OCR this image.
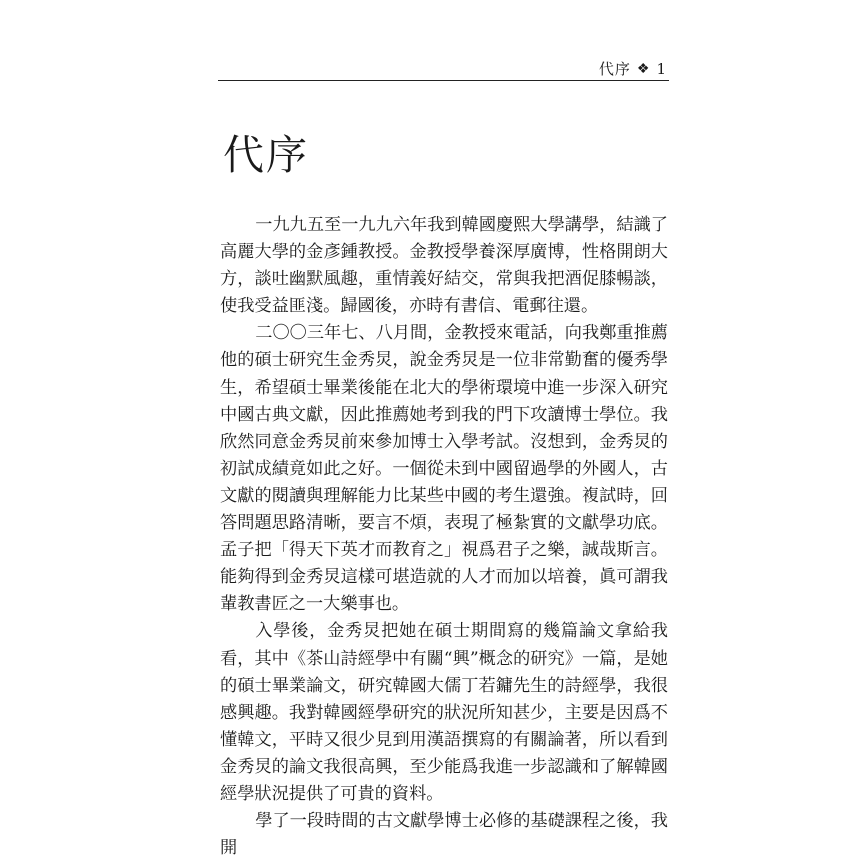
代序 ❖ 1
代序

一九九五至一九九六年我到韓國慶熙大學講學，結識了高麗大學的金彥鍾教授。金教授學養深厚廣博，性格開朗大方，談吐幽默風趣，重情義好結交，常與我把酒促膝暢談，使我受益匪淺。歸國後，亦時有書信、電郵往還。

二〇〇三年七、八月間，金教授來電話，向我鄭重推薦他的碩士研究生金秀炅，說金秀炅是一位非常勤奮的優秀學生，希望碩士畢業後能在北大的學術環境中進一步深入研究中國古典文獻，因此推薦她考到我的門下攻讀博士學位。我欣然同意金秀炅前來參加博士入學考試。沒想到，金秀炅的初試成績竟如此之好。一個從未到中國留過學的外國人，古文獻的閱讀與理解能力比某些中國的考生還強。複試時，回答問題思路清晰，要言不煩，表現了極紮實的文獻學功底。孟子把「得天下英才而教育之」視爲君子之樂，誠哉斯言。能夠得到金秀炅這樣可堪造就的人才而加以培養，眞可謂我輩教書匠之一大樂事也。

入學後，金秀炅把她在碩士期間寫的幾篇論文拿給我看，其中《茶山詩經學中有關“興”概念的研究》一篇，是她的碩士畢業論文，研究韓國大儒丁若鏞先生的詩經學，我很感興趣。我對韓國經學研究的狀況所知甚少，主要是因爲不懂韓文，平時又很少見到用漢語撰寫的有關論著，所以看到金秀炅的論文我很高興，至少能爲我進一步認識和了解韓國經學狀況提供了可貴的資料。

學了一段時間的古文獻學博士必修的基礎課程之後，我開
